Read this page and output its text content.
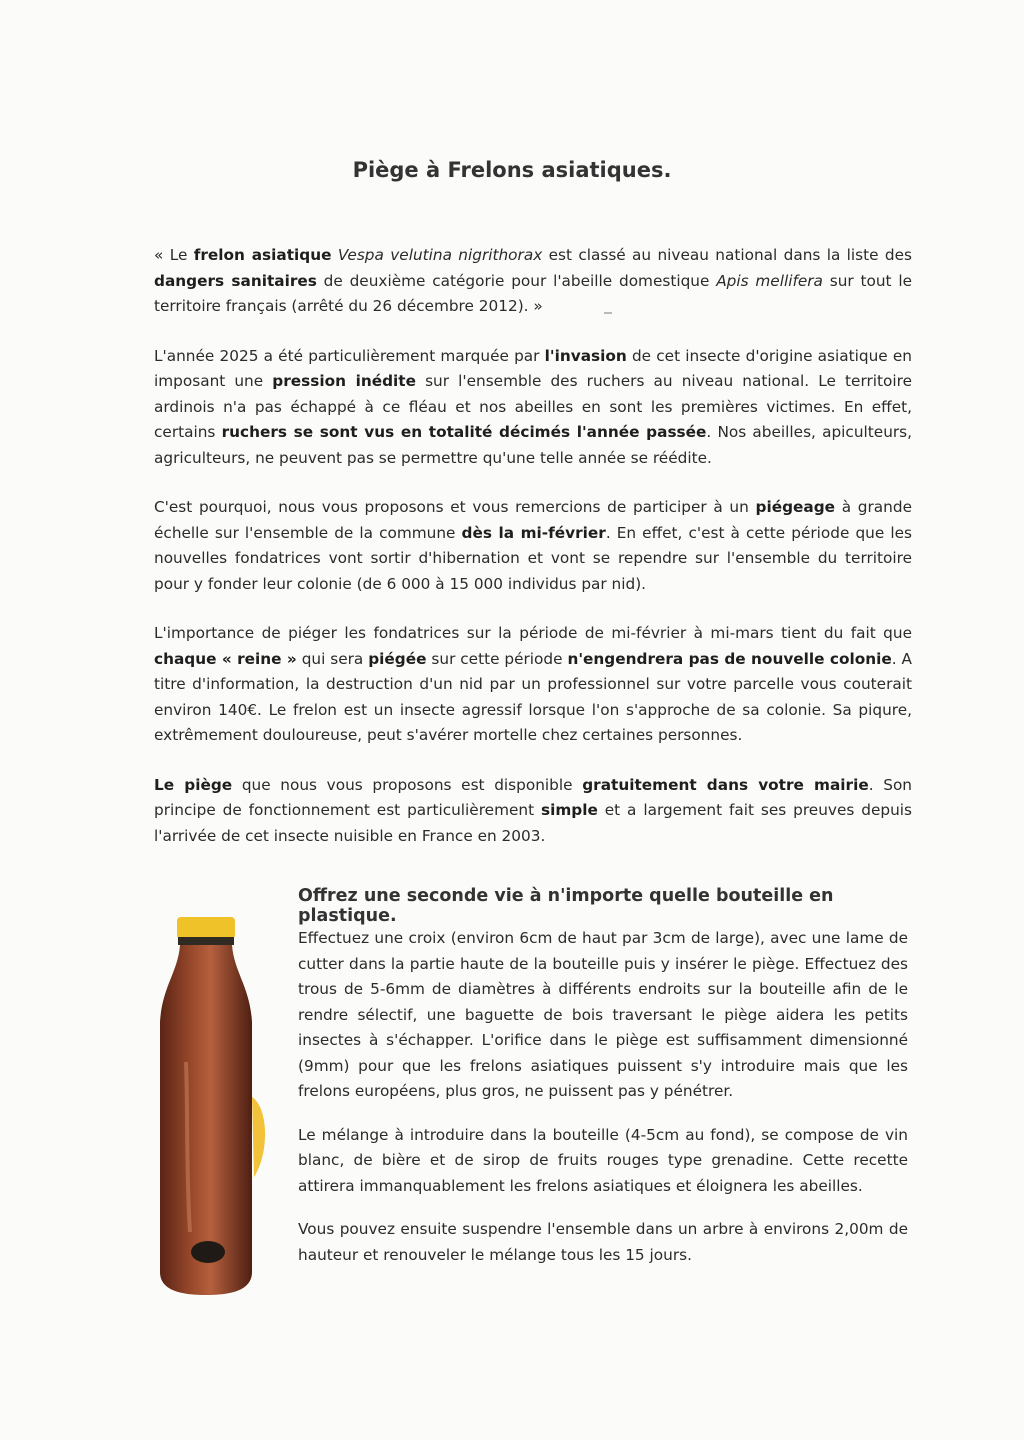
Piège à Frelons asiatiques.

« Le frelon asiatique Vespa velutina nigrithorax est classé au niveau national dans la liste des dangers sanitaires de deuxième catégorie pour l'abeille domestique Apis mellifera sur tout le territoire français (arrêté du 26 décembre 2012). »

L'année 2025 a été particulièrement marquée par l'invasion de cet insecte d'origine asiatique en imposant une pression inédite sur l'ensemble des ruchers au niveau national. Le territoire ardinois n'a pas échappé à ce fléau et nos abeilles en sont les premières victimes. En effet, certains ruchers se sont vus en totalité décimés l'année passée. Nos abeilles, apiculteurs, agriculteurs, ne peuvent pas se permettre qu'une telle année se réédite.

C'est pourquoi, nous vous proposons et vous remercions de participer à un piégeage à grande échelle sur l'ensemble de la commune dès la mi-février. En effet, c'est à cette période que les nouvelles fondatrices vont sortir d'hibernation et vont se rependre sur l'ensemble du territoire pour y fonder leur colonie (de 6 000 à 15 000 individus par nid).

L'importance de piéger les fondatrices sur la période de mi-février à mi-mars tient du fait que chaque « reine » qui sera piégée sur cette période n'engendrera pas de nouvelle colonie. A titre d'information, la destruction d'un nid par un professionnel sur votre parcelle vous couterait environ 140€. Le frelon est un insecte agressif lorsque l'on s'approche de sa colonie. Sa piqure, extrêmement douloureuse, peut s'avérer mortelle chez certaines personnes.

Le piège que nous vous proposons est disponible gratuitement dans votre mairie. Son principe de fonctionnement est particulièrement simple et a largement fait ses preuves depuis l'arrivée de cet insecte nuisible en France en 2003.

Offrez une seconde vie à n'importe quelle bouteille en plastique.

Effectuez une croix (environ 6cm de haut par 3cm de large), avec une lame de cutter dans la partie haute de la bouteille puis y insérer le piège. Effectuez des trous de 5-6mm de diamètres à différents endroits sur la bouteille afin de le rendre sélectif, une baguette de bois traversant le piège aidera les petits insectes à s'échapper. L'orifice dans le piège est suffisamment dimensionné (9mm) pour que les frelons asiatiques puissent s'y introduire mais que les frelons européens, plus gros, ne puissent pas y pénétrer.

Le mélange à introduire dans la bouteille (4-5cm au fond), se compose de vin blanc, de bière et de sirop de fruits rouges type grenadine. Cette recette attirera immanquablement les frelons asiatiques et éloignera les abeilles.

Vous pouvez ensuite suspendre l'ensemble dans un arbre à environs 2,00m de hauteur et renouveler le mélange tous les 15 jours.
